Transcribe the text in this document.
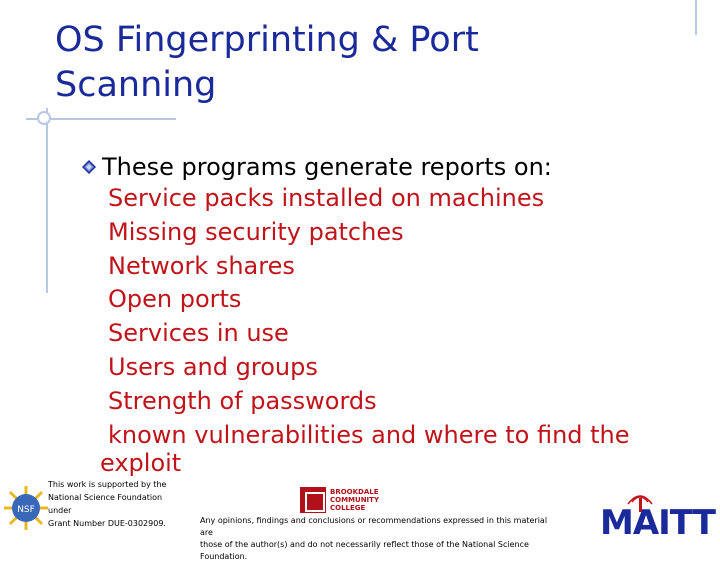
OS Fingerprinting & Port
Scanning
These programs generate reports on:
Service packs installed on machines
Missing security patches
Network shares
Open ports
Services in use
Users and groups
Strength of passwords
known vulnerabilities and where to find the
exploit
NSF
This work is supported by the
National Science Foundation under
Grant Number DUE-0302909.
BROOKDALE
COMMUNITY
COLLEGE
Any opinions, findings and conclusions or recommendations expressed in this material are
those of the author(s) and do not necessarily reflect those of the National Science Foundation.
MAITT
